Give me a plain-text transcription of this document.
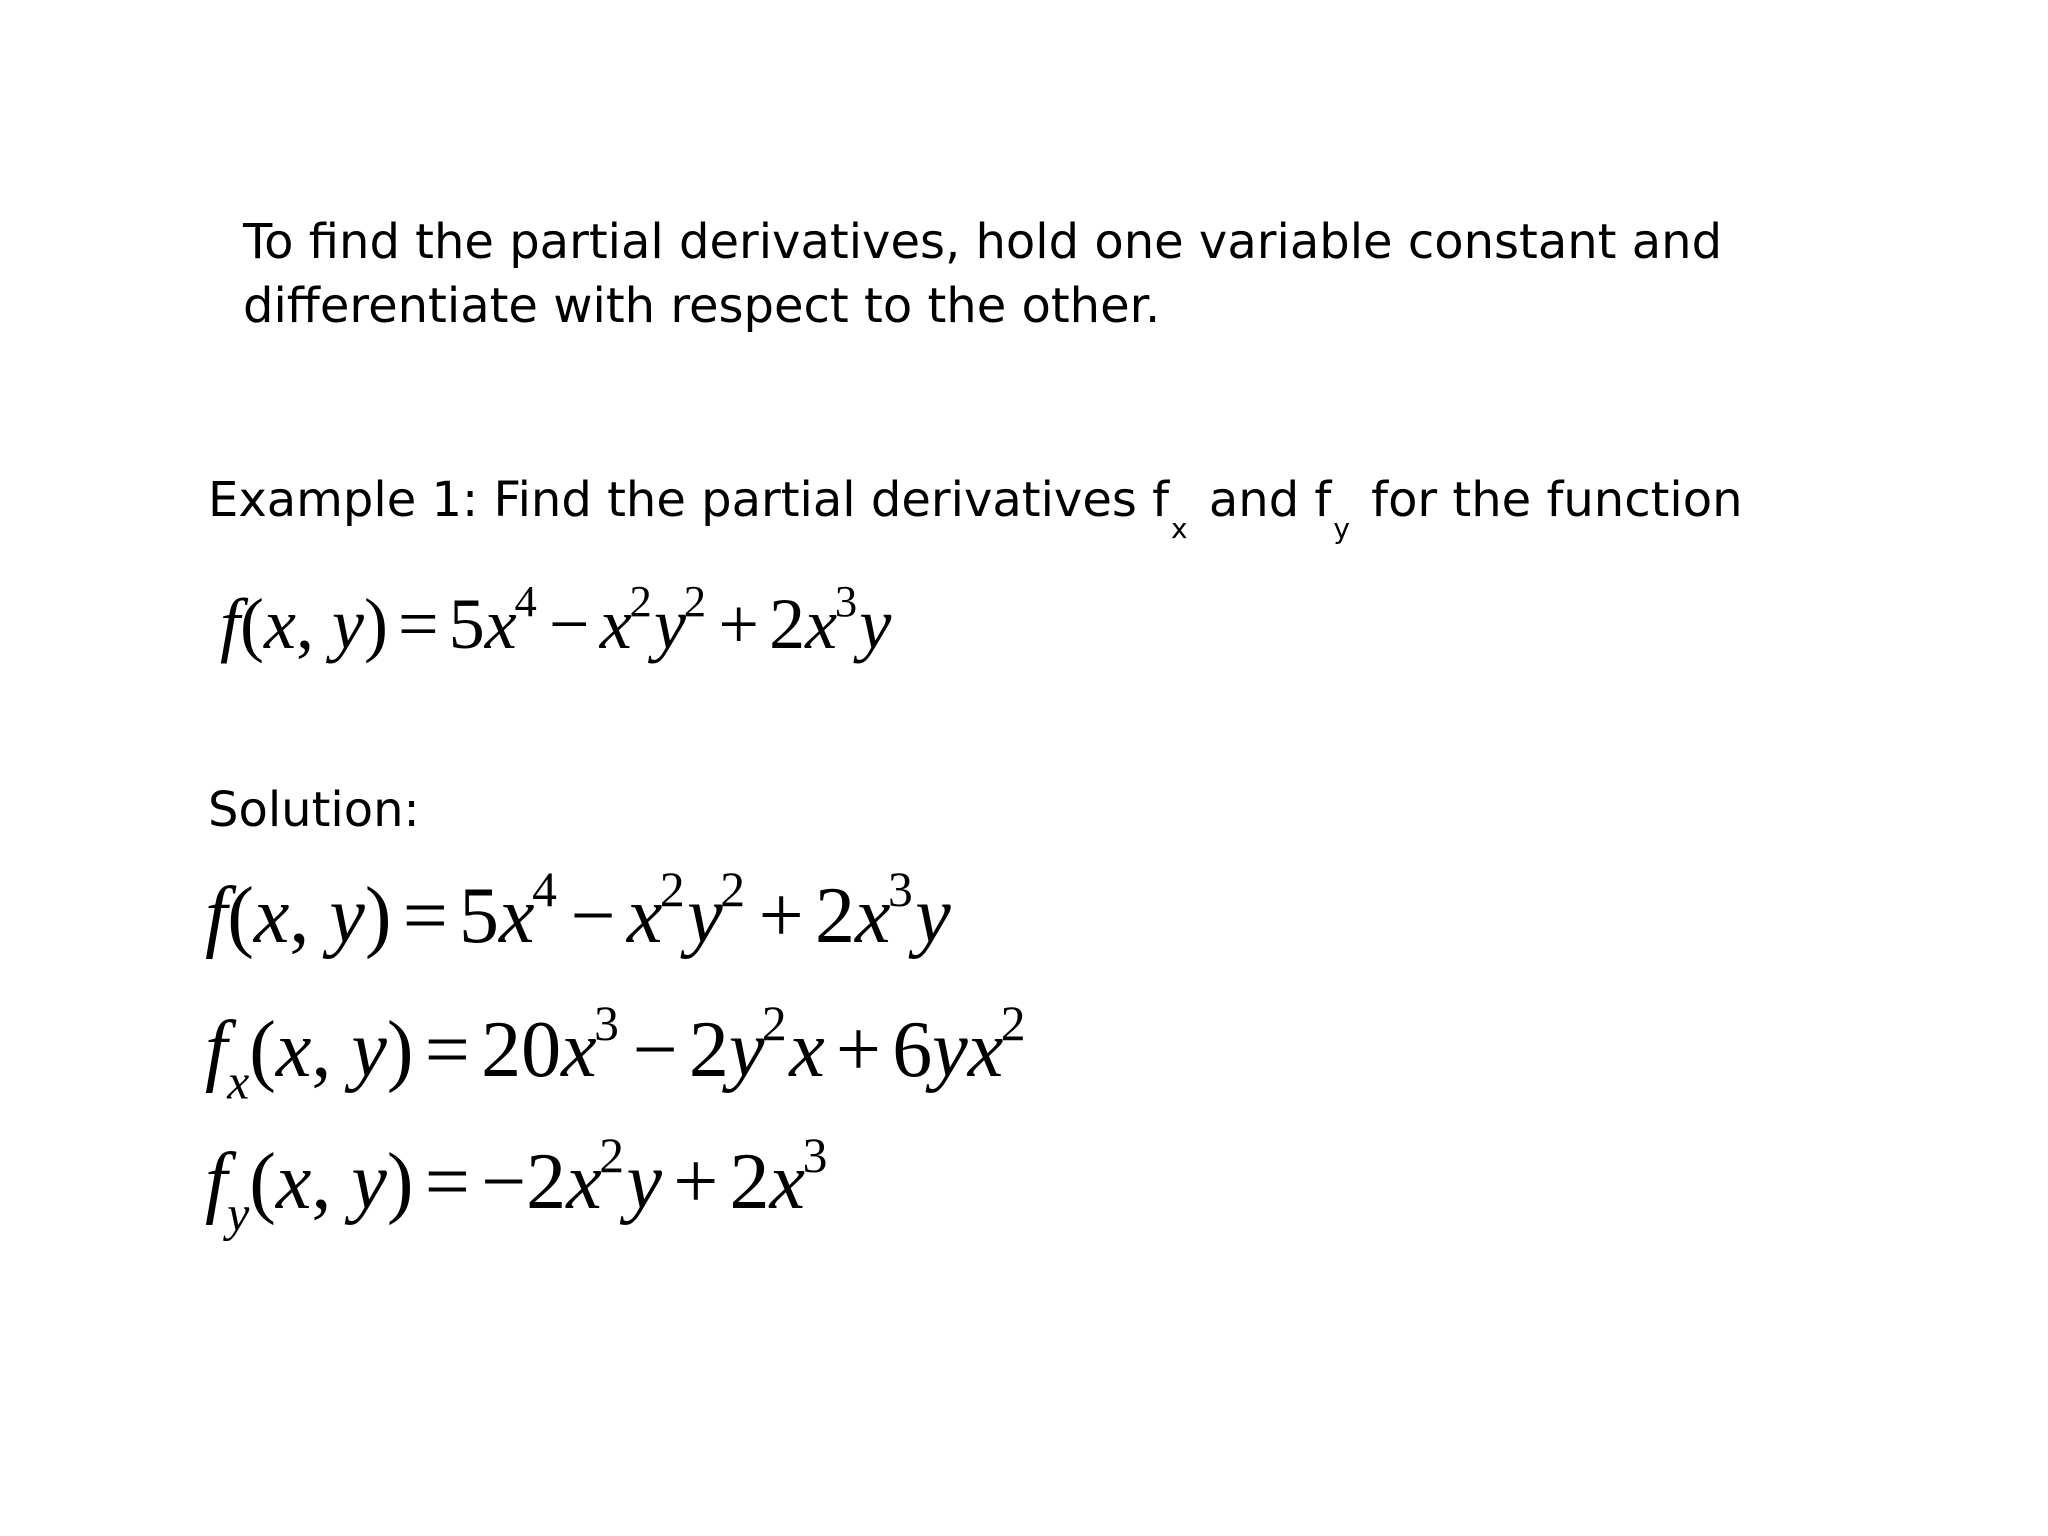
To find the partial derivatives, hold one variable constant and
differentiate with respect to the other.
Example 1: Find the partial derivatives $f_x$ and $f_y$ for the function
f(x, $y) = 5x^4 - x^2y^2 + 2x^3y$
Solution:
f(x, $y) = 5x^4 - x^2y^2 + 2x^3y$
$f_x(x$, $y) = 20x^3 - 2y^2x + 6yx^2$
$f_y(x$, $y) = -2x^2y + 2x^3$
